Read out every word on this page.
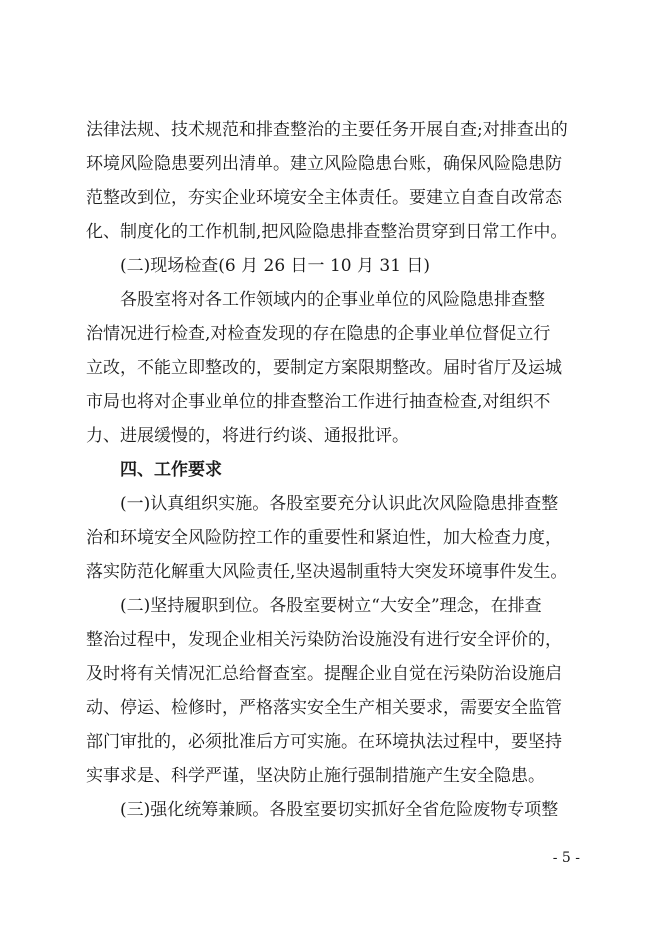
法律法规、技术规范和排查整治的主要任务开展自查;对排查出的
环境风险隐患要列出清单。建立风险隐患台账，确保风险隐患防
范整改到位，夯实企业环境安全主体责任。要建立自查自改常态
化、制度化的工作机制,把风险隐患排查整治贯穿到日常工作中。
(二)现场检查(6 月 26 日一 10 月 31 日)
各股室将对各工作领域内的企事业单位的风险隐患排查整
治情况进行检查,对检查发现的存在隐患的企事业单位督促立行
立改，不能立即整改的，要制定方案限期整改。届时省厅及运城
市局也将对企事业单位的排查整治工作进行抽查检查,对组织不
力、进展缓慢的，将进行约谈、通报批评。
四、工作要求
(一)认真组织实施。各股室要充分认识此次风险隐患排查整
治和环境安全风险防控工作的重要性和紧迫性，加大检查力度，
落实防范化解重大风险责任,坚决遏制重特大突发环境事件发生。
(二)坚持履职到位。各股室要树立“大安全”理念，在排查
整治过程中，发现企业相关污染防治设施没有进行安全评价的，
及时将有关情况汇总给督查室。提醒企业自觉在污染防治设施启
动、停运、检修时，严格落实安全生产相关要求，需要安全监管
部门审批的，必须批准后方可实施。在环境执法过程中，要坚持
实事求是、科学严谨，坚决防止施行强制措施产生安全隐患。
(三)强化统筹兼顾。各股室要切实抓好全省危险废物专项整
- 5 -
